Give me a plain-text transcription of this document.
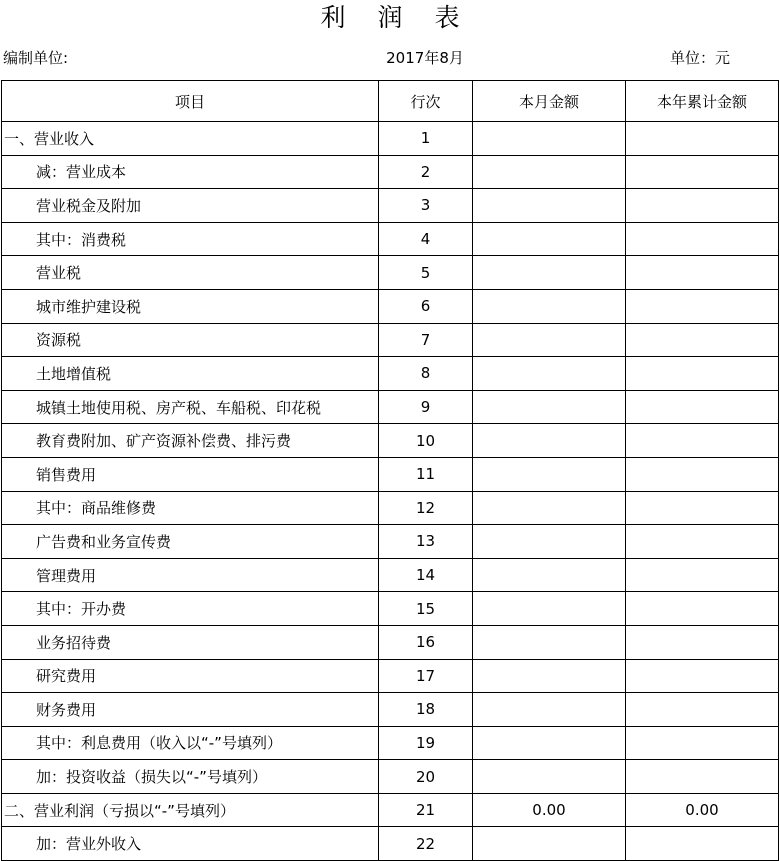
利润表
编制单位:	2017年8月	单位：元
项目	行次	本月金额	本年累计金额
一、营业收入	1		
减：营业成本	2		
营业税金及附加	3		
其中：消费税	4		
营业税	5		
城市维护建设税	6		
资源税	7		
土地增值税	8		
城镇土地使用税、房产税、车船税、印花税	9		
教育费附加、矿产资源补偿费、排污费	10		
销售费用	11		
其中：商品维修费	12		
广告费和业务宣传费	13		
管理费用	14		
其中：开办费	15		
业务招待费	16		
研究费用	17		
财务费用	18		
其中：利息费用（收入以“-”号填列）	19		
加：投资收益（损失以“-”号填列）	20		
二、营业利润（亏损以“-”号填列）	21	0.00	0.00
加：营业外收入	22		
